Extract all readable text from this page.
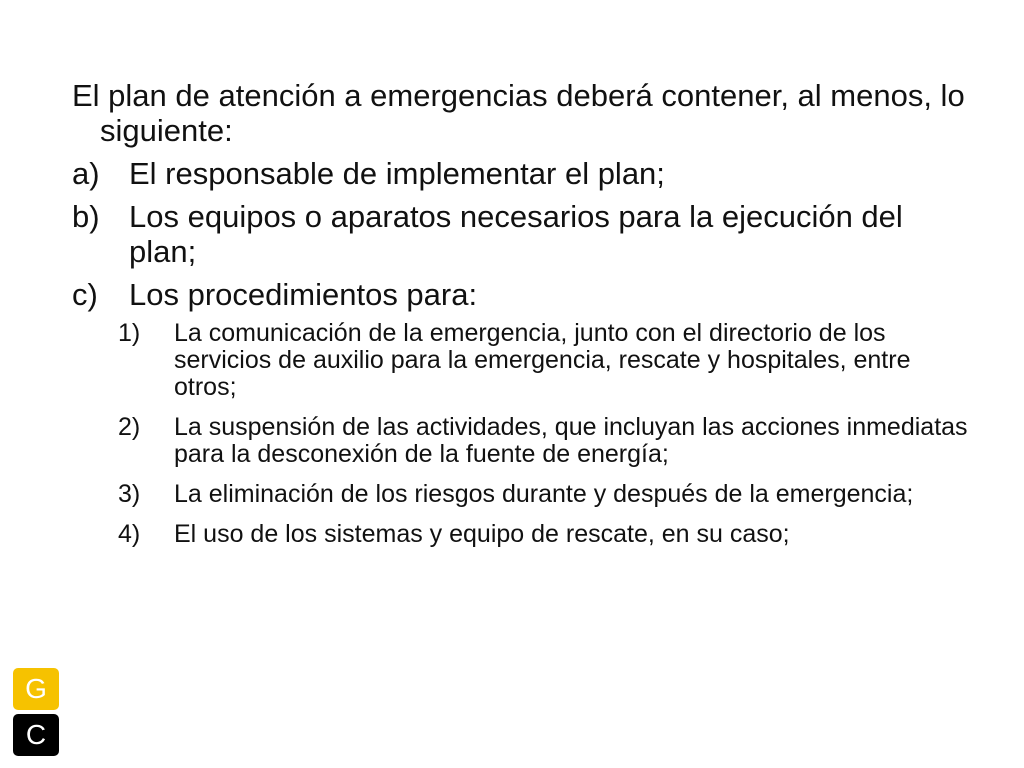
El plan de atención a emergencias deberá contener, al menos, lo siguiente:

a) El responsable de implementar el plan;
b) Los equipos o aparatos necesarios para la ejecución del plan;
c) Los procedimientos para:
1) La comunicación de la emergencia, junto con el directorio de los servicios de auxilio para la emergencia, rescate y hospitales, entre otros;
2) La suspensión de las actividades, que incluyan las acciones inmediatas para la desconexión de la fuente de energía;
3) La eliminación de los riesgos durante y después de la emergencia;
4) El uso de los sistemas y equipo de rescate, en su caso;
G
C
